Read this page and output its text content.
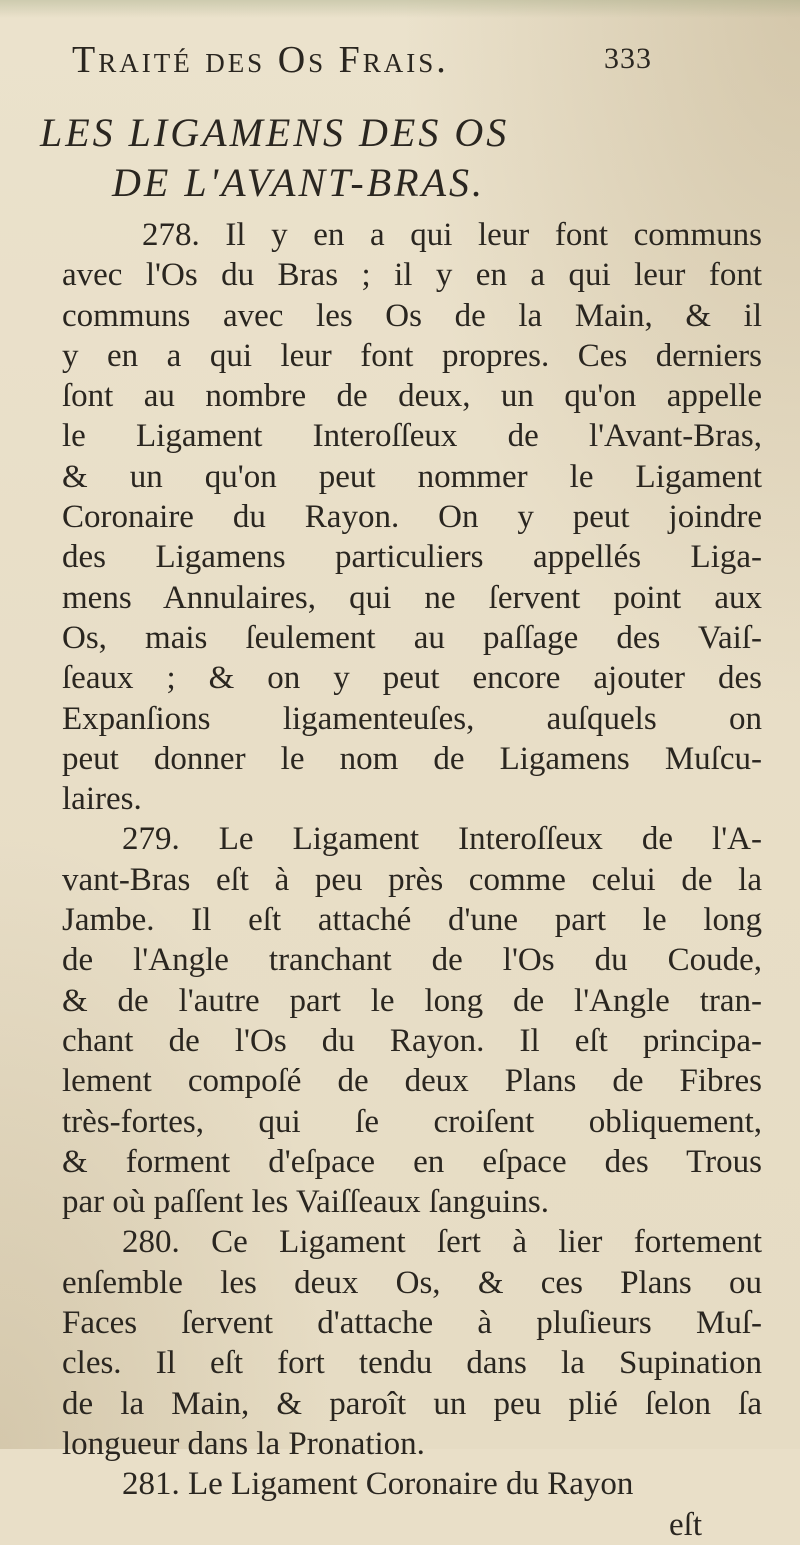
Traité des Os Frais.	333
LES LIGAMENS DES OS
DE L'AVANT-BRAS.
278. Il y en a qui leur font communs
avec l'Os du Bras ; il y en a qui leur font
communs avec les Os de la Main, & il
y en a qui leur font propres. Ces derniers
ſont au nombre de deux, un qu'on appelle
le Ligament Interoſſeux de l'Avant-Bras,
& un qu'on peut nommer le Ligament
Coronaire du Rayon. On y peut joindre
des Ligamens particuliers appellés Liga-
mens Annulaires, qui ne ſervent point aux
Os, mais ſeulement au paſſage des Vaiſ-
ſeaux ; & on y peut encore ajouter des
Expanſions ligamenteuſes, auſquels on
peut donner le nom de Ligamens Muſcu-
laires.
279. Le Ligament Interoſſeux de l'A-
vant-Bras eſt à peu près comme celui de la
Jambe. Il eſt attaché d'une part le long
de l'Angle tranchant de l'Os du Coude,
& de l'autre part le long de l'Angle tran-
chant de l'Os du Rayon. Il eſt principa-
lement compoſé de deux Plans de Fibres
très-fortes, qui ſe croiſent obliquement,
& forment d'eſpace en eſpace des Trous
par où paſſent les Vaiſſeaux ſanguins.
280. Ce Ligament ſert à lier fortement
enſemble les deux Os, & ces Plans ou
Faces ſervent d'attache à pluſieurs Muſ-
cles. Il eſt fort tendu dans la Supination
de la Main, & paroît un peu plié ſelon ſa
longueur dans la Pronation.
281. Le Ligament Coronaire du Rayon
eſt
